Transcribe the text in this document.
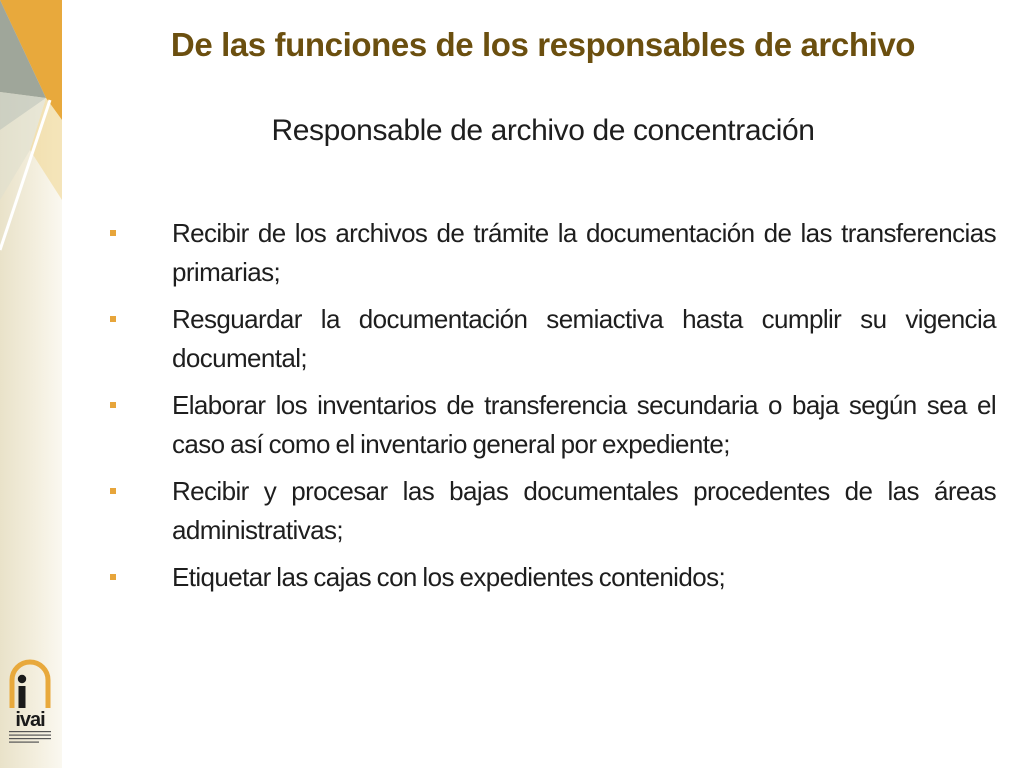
ivai
De las funciones de los responsables de archivo
Responsable de archivo de concentración
Recibir de los archivos de trámite la documentación de las transferencias primarias;
Resguardar la documentación semiactiva hasta cumplir su vigencia documental;
Elaborar los inventarios de transferencia secundaria o baja según sea el caso así como el inventario general por expediente;
Recibir y procesar las bajas documentales procedentes de las áreas administrativas;
Etiquetar las cajas con los expedientes contenidos;
